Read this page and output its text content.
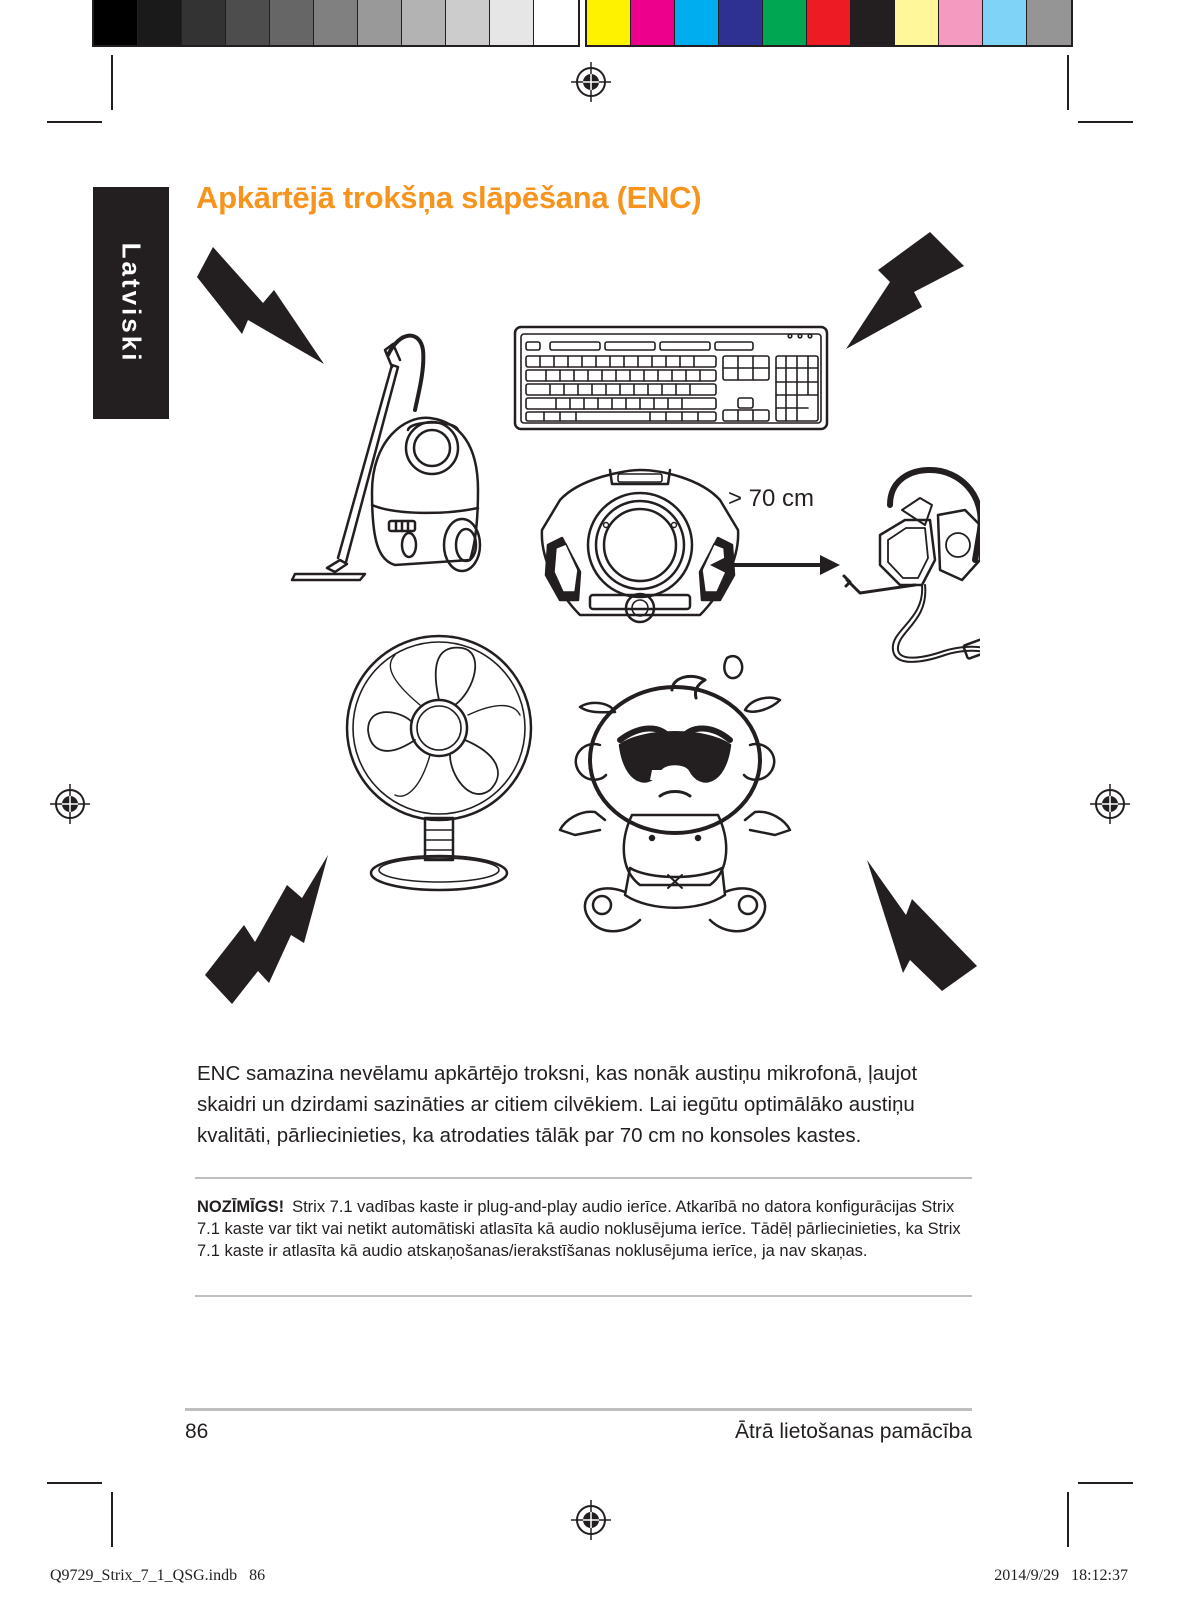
Latviski
Apkārtējā trokšņa slāpēšana (ENC)
> 70 cm

ENC samazina nevēlamu apkārtējo troksni, kas nonāk austiņu mikrofonā, ļaujot skaidri un dzirdami sazināties ar citiem cilvēkiem. Lai iegūtu optimālāko austiņu kvalitāti, pārliecinieties, ka atrodaties tālāk par 70 cm no konsoles kastes.

NOZĪMĪGS! Strix 7.1 vadības kaste ir plug-and-play audio ierīce. Atkarībā no datora konfigurācijas Strix 7.1 kaste var tikt vai netikt automātiski atlasīta kā audio noklusējuma ierīce. Tādēļ pārliecinieties, ka Strix 7.1 kaste ir atlasīta kā audio atskaņošanas/ierakstīšanas noklusējuma ierīce, ja nav skaņas.

86	Ātrā lietošanas pamācība
Q9729_Strix_7_1_QSG.indb   86	2014/9/29   18:12:37
